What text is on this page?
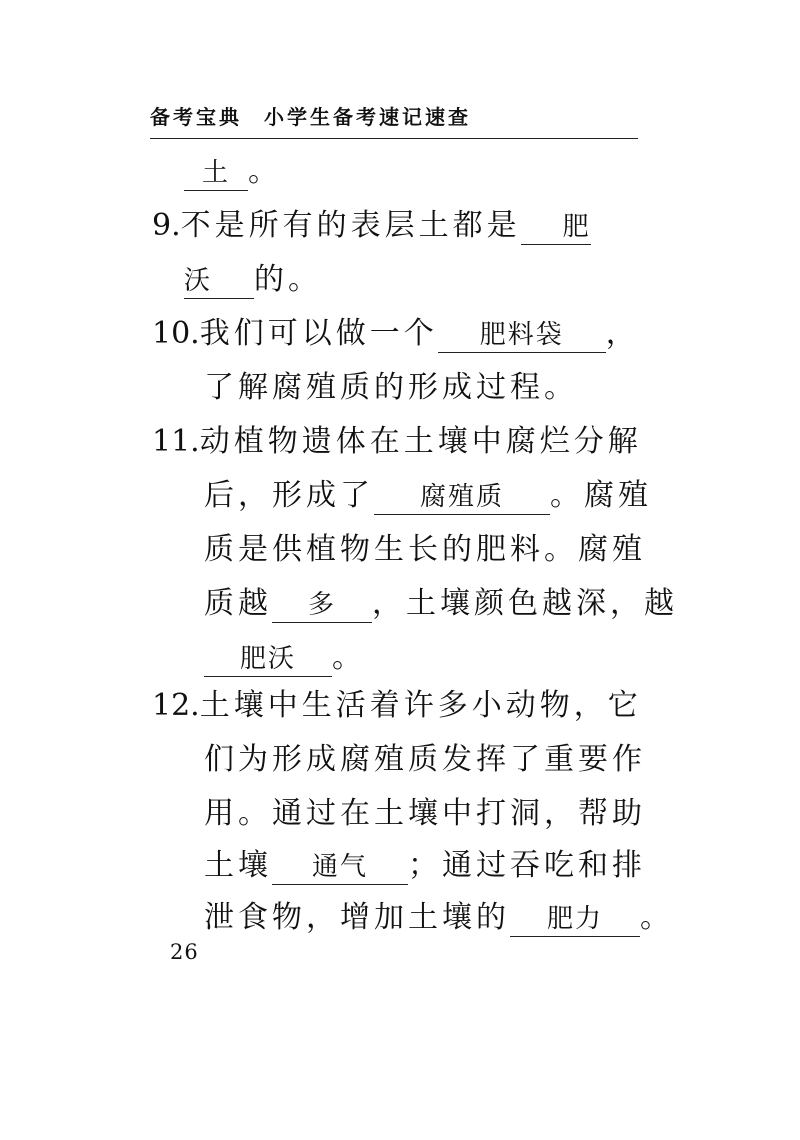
备考宝典 小学生备考速记速查
土 。
9.不是所有的表层土都是 肥
沃 的。
10.我们可以做一个 肥料袋 ，
了解腐殖质的形成过程。
11.动植物遗体在土壤中腐烂分解
后，形成了 腐殖质 。腐殖
质是供植物生长的肥料。腐殖
质越 多 ，土壤颜色越深，越
肥沃 。
12.土壤中生活着许多小动物，它
们为形成腐殖质发挥了重要作
用。通过在土壤中打洞，帮助
土壤 通气 ；通过吞吃和排
泄食物，增加土壤的 肥力 。
26
